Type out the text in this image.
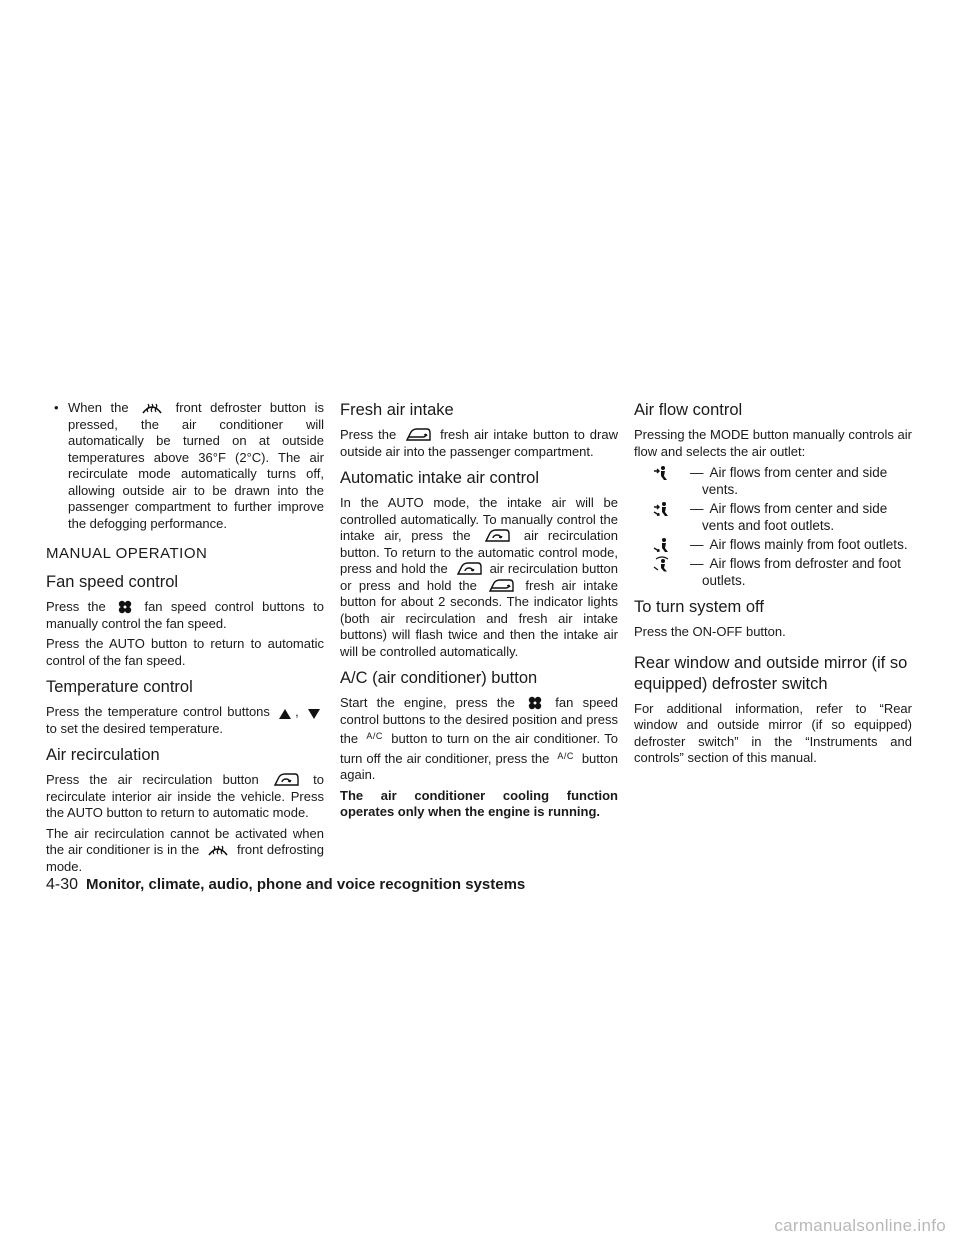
• When the	front defroster button is pressed, the air conditioner will automatically be turned on at outside temperatures above 36°F (2°C). The air recirculate mode automatically turns off, allowing outside air to be drawn into the passenger compartment to further improve the defogging performance.

MANUAL OPERATION
Fan speed control

Press the	fan speed control buttons to manually control the fan speed.

Press the AUTO button to return to automatic control of the fan speed.

Temperature control

Press the temperature control buttons ,
to set the desired temperature.

Air recirculation

Press the air recirculation button	to recirculate interior air inside the vehicle. Press the AUTO button to return to automatic mode.

The air recirculation cannot be activated when the air conditioner is in the	front defrosting mode.

Fresh air intake

Press the	fresh air intake button to draw outside air into the passenger compartment.

Automatic intake air control

In the AUTO mode, the intake air will be controlled automatically. To manually control the intake air, press the	air recirculation button. To return to the automatic control mode, press and hold the	air recirculation button or press and hold the	fresh air intake button for about 2 seconds. The indicator lights (both air recirculation and fresh air intake buttons) will flash twice and then the intake air will be controlled automatically.

A/C (air conditioner) button

Start the engine, press the	fan speed control buttons to the desired position and press the $^{A/C}$ button to turn on the air conditioner. To turn off the air conditioner, press the $^{A/C}$ button again.

The air conditioner cooling function operates only when the engine is running.

Air flow control

Pressing the MODE button manually controls air flow and selects the air outlet:

— Air flows from center and side vents.
— Air flows from center and side vents and foot outlets.
— Air flows mainly from foot outlets.
— Air flows from defroster and foot outlets.
To turn system off

Press the ON-OFF button.

Rear window and outside mirror (if so equipped) defroster switch

For additional information, refer to “Rear window and outside mirror (if so equipped) defroster switch” in the “Instruments and controls” section of this manual.

4-30 Monitor, climate, audio, phone and voice recognition systems
carmanualsonline.info
